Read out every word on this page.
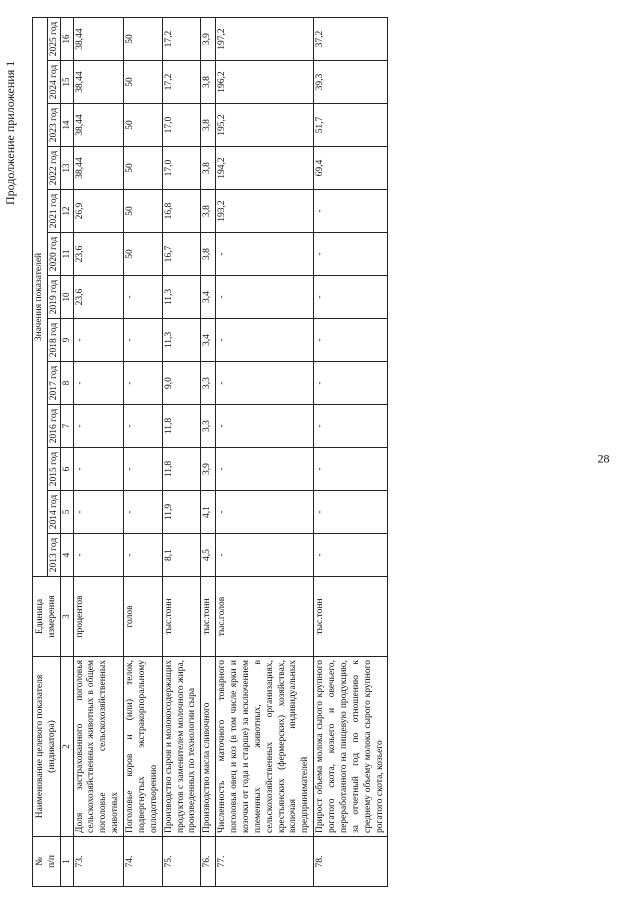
Продолжение приложения 1
28
№
п/п	Наименование целевого показателя (индикатора)	Единица измерения	Значения показателей												
			2013 год	2014 год	2015 год	2016 год	2017 год	2018 год	2019 год	2020 год	2021 год	2022 год	2023 год	2024 год	2025 год
1	2	3	4	5	6	7	8	9	10	11	12	13	14	15	16
73.	Доля застрахованного поголовья сельскохозяйственных животных в общем поголовье сельскохозяйственных животных	процентов	-	-	-	-	-	-	23,6	23,6	26,9	38,44	38,44	38,44	38,44
74.	Поголовье коров и (или) телок, подвергнутых экстракорпоральному оплодотворению	голов	-	-	-	-	-	-	-	50	50	50	50	50	50
75.	Производство сыров и молокосодержащих продуктов с заменителем молочного жира, произведенных по технологии сыра	тыс.тонн	8,1	11,9	11,8	11,8	9,0	11,3	11,3	16,7	16,8	17,0	17,0	17,2	17,2
76.	Производство масла сливочного	тыс.тонн	4,5	4,1	3,9	3,3	3,3	3,4	3,4	3,8	3,8	3,8	3,8	3,8	3,9
77.	Численность маточного товарного поголовья овец и коз (в том числе ярки и козочки от года и старше) за исключением племенных животных, в сельскохозяйственных организациях, крестьянских (фермерских) хозяйствах, включая индивидуальных предпринимателей	тыс.голов	-	-	-	-	-	-	-	-	193,2	194,2	195,2	196,2	197,2
78.	Прирост объема молока сырого крупного рогатого скота, козьего и овечьего, переработанного на пищевую продукцию, за отчетный год по отношению к среднему объему молока сырого крупного рогатого скота, козьего	тыс.тонн	-	-	-	-	-	-	-	-	-	69,4	51,7	39,3	37,2
